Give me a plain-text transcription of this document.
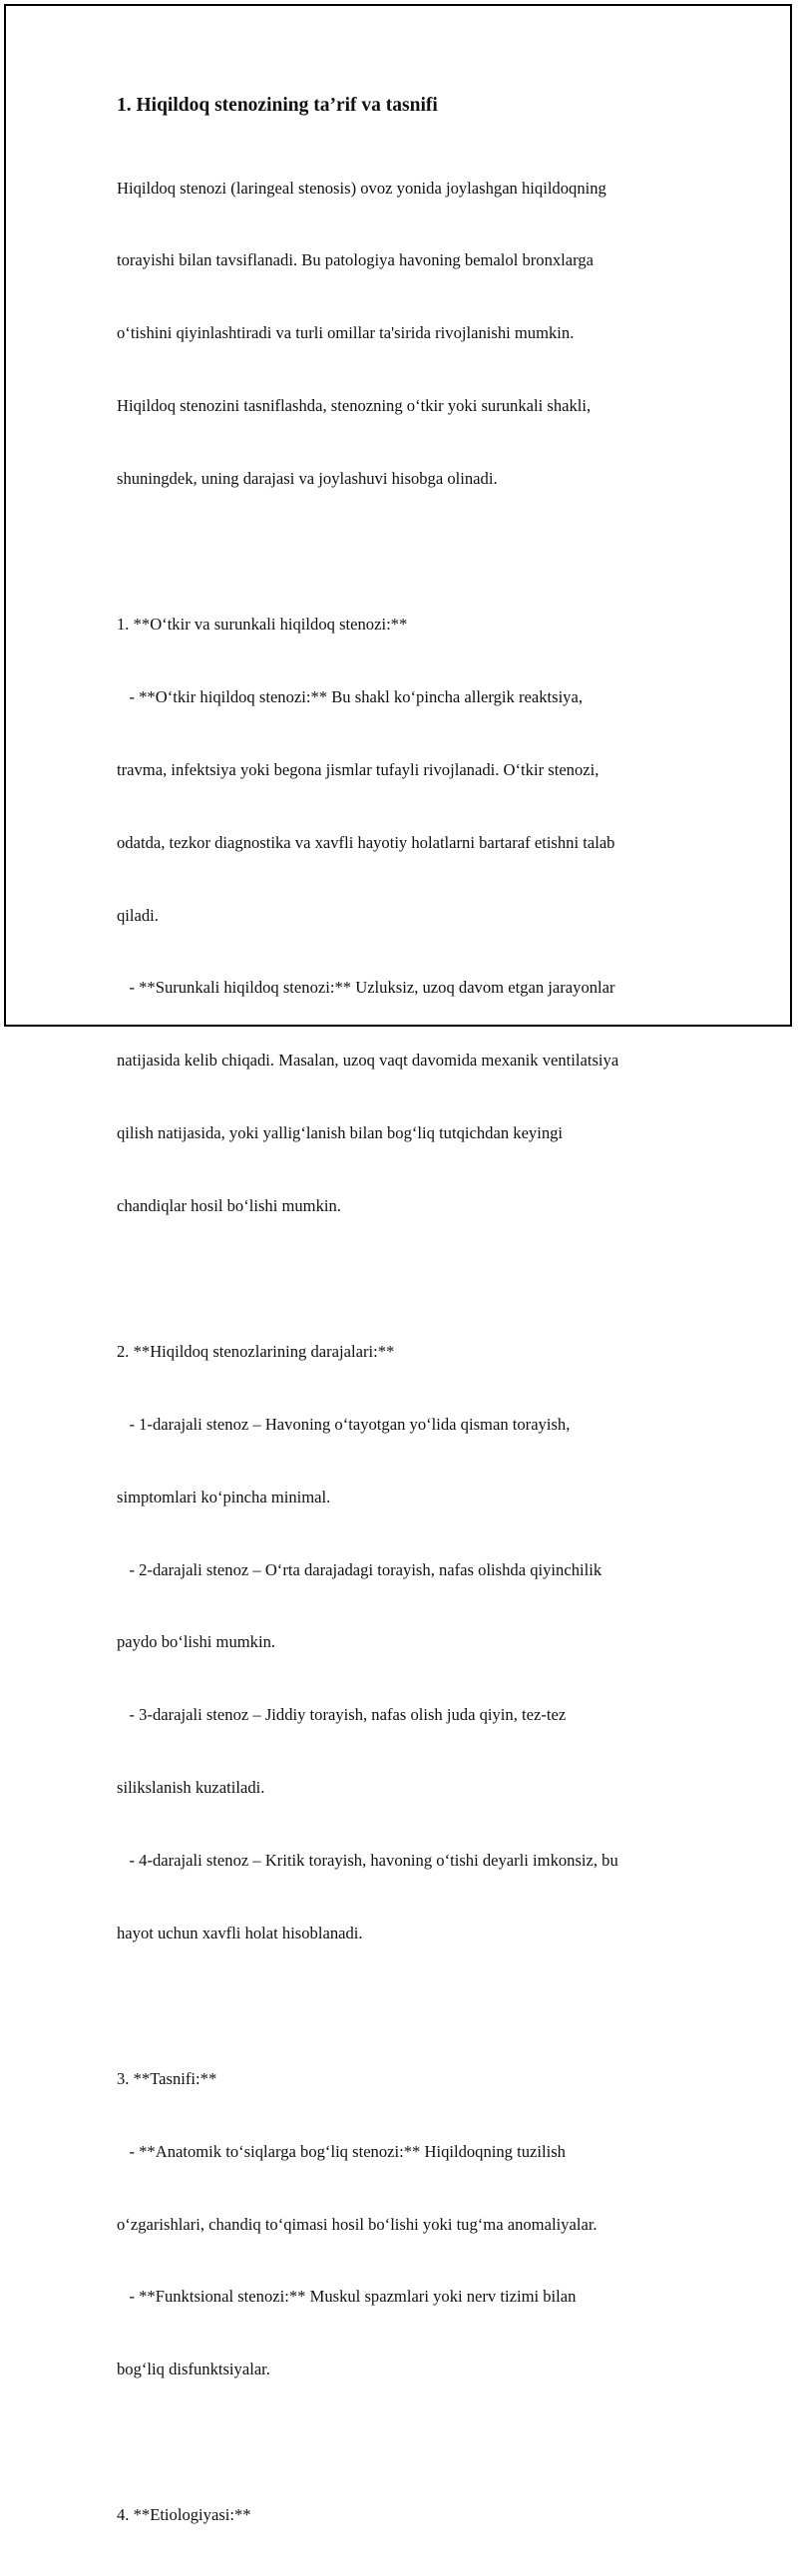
1. Hiqildoq stenozining ta’rif va tasnifi

Hiqildoq stenozi (laringeal stenosis) ovoz yonida joylashgan hiqildoqning

torayishi bilan tavsiflanadi. Bu patologiya havoning bemalol bronxlarga

o‘tishini qiyinlashtiradi va turli omillar ta'sirida rivojlanishi mumkin.

Hiqildoq stenozini tasniflashda, stenozning o‘tkir yoki surunkali shakli,

shuningdek, uning darajasi va joylashuvi hisobga olinadi.

1. **O‘tkir va surunkali hiqildoq stenozi:**

- **O‘tkir hiqildoq stenozi:** Bu shakl ko‘pincha allergik reaktsiya,

travma, infektsiya yoki begona jismlar tufayli rivojlanadi. O‘tkir stenozi,

odatda, tezkor diagnostika va xavfli hayotiy holatlarni bartaraf etishni talab

qiladi.

- **Surunkali hiqildoq stenozi:** Uzluksiz, uzoq davom etgan jarayonlar

natijasida kelib chiqadi. Masalan, uzoq vaqt davomida mexanik ventilatsiya

qilish natijasida, yoki yallig‘lanish bilan bog‘liq tutqichdan keyingi

chandiqlar hosil bo‘lishi mumkin.

2. **Hiqildoq stenozlarining darajalari:**

- 1-darajali stenoz – Havoning o‘tayotgan yo‘lida qisman torayish,

simptomlari ko‘pincha minimal.

- 2-darajali stenoz – O‘rta darajadagi torayish, nafas olishda qiyinchilik

paydo bo‘lishi mumkin.

- 3-darajali stenoz – Jiddiy torayish, nafas olish juda qiyin, tez-tez

silikslanish kuzatiladi.

- 4-darajali stenoz – Kritik torayish, havoning o‘tishi deyarli imkonsiz, bu

hayot uchun xavfli holat hisoblanadi.

3. **Tasnifi:**

- **Anatomik to‘siqlarga bog‘liq stenozi:** Hiqildoqning tuzilish

o‘zgarishlari, chandiq to‘qimasi hosil bo‘lishi yoki tug‘ma anomaliyalar.

- **Funktsional stenozi:** Muskul spazmlari yoki nerv tizimi bilan

bog‘liq disfunktsiyalar.

4. **Etiologiyasi:**
